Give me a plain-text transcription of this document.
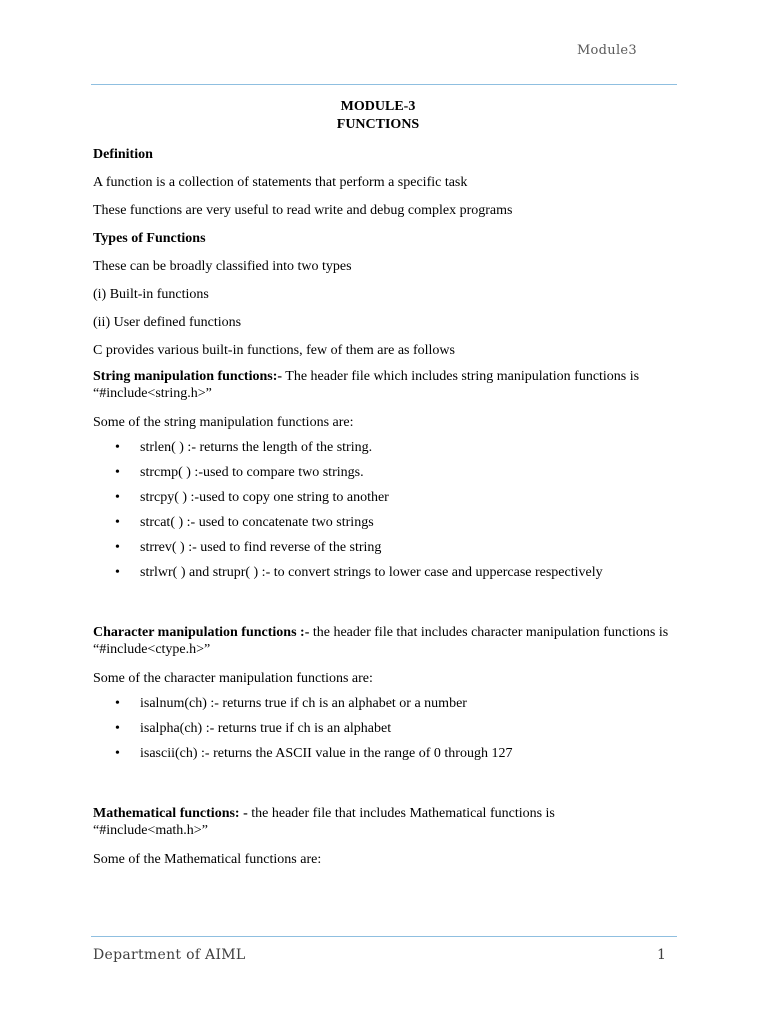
Module3
MODULE-3
FUNCTIONS

Definition

A function is a collection of statements that perform a specific task

These functions are very useful to read write and debug complex programs

Types of Functions

These can be broadly classified into two types

(i) Built-in functions

(ii) User defined functions

C provides various built-in functions, few of them are as follows

String manipulation functions:- The header file which includes string manipulation functions is “#include<string.h>”

Some of the string manipulation functions are:

• strlen( ) :- returns the length of the string.
• strcmp( ) :-used to compare two strings.
• strcpy( ) :-used to copy one string to another
• strcat( ) :- used to concatenate two strings
• strrev( ) :- used to find reverse of the string
• strlwr( ) and strupr( ) :- to convert strings to lower case and uppercase respectively

Character manipulation functions :- the header file that includes character manipulation functions is “#include<ctype.h>”

Some of the character manipulation functions are:

• isalnum(ch) :- returns true if ch is an alphabet or a number
• isalpha(ch) :- returns true if ch is an alphabet
• isascii(ch) :- returns the ASCII value in the range of 0 through 127

Mathematical functions: - the header file that includes Mathematical functions is “#include<math.h>”

Some of the Mathematical functions are:

Department of AIML	1
